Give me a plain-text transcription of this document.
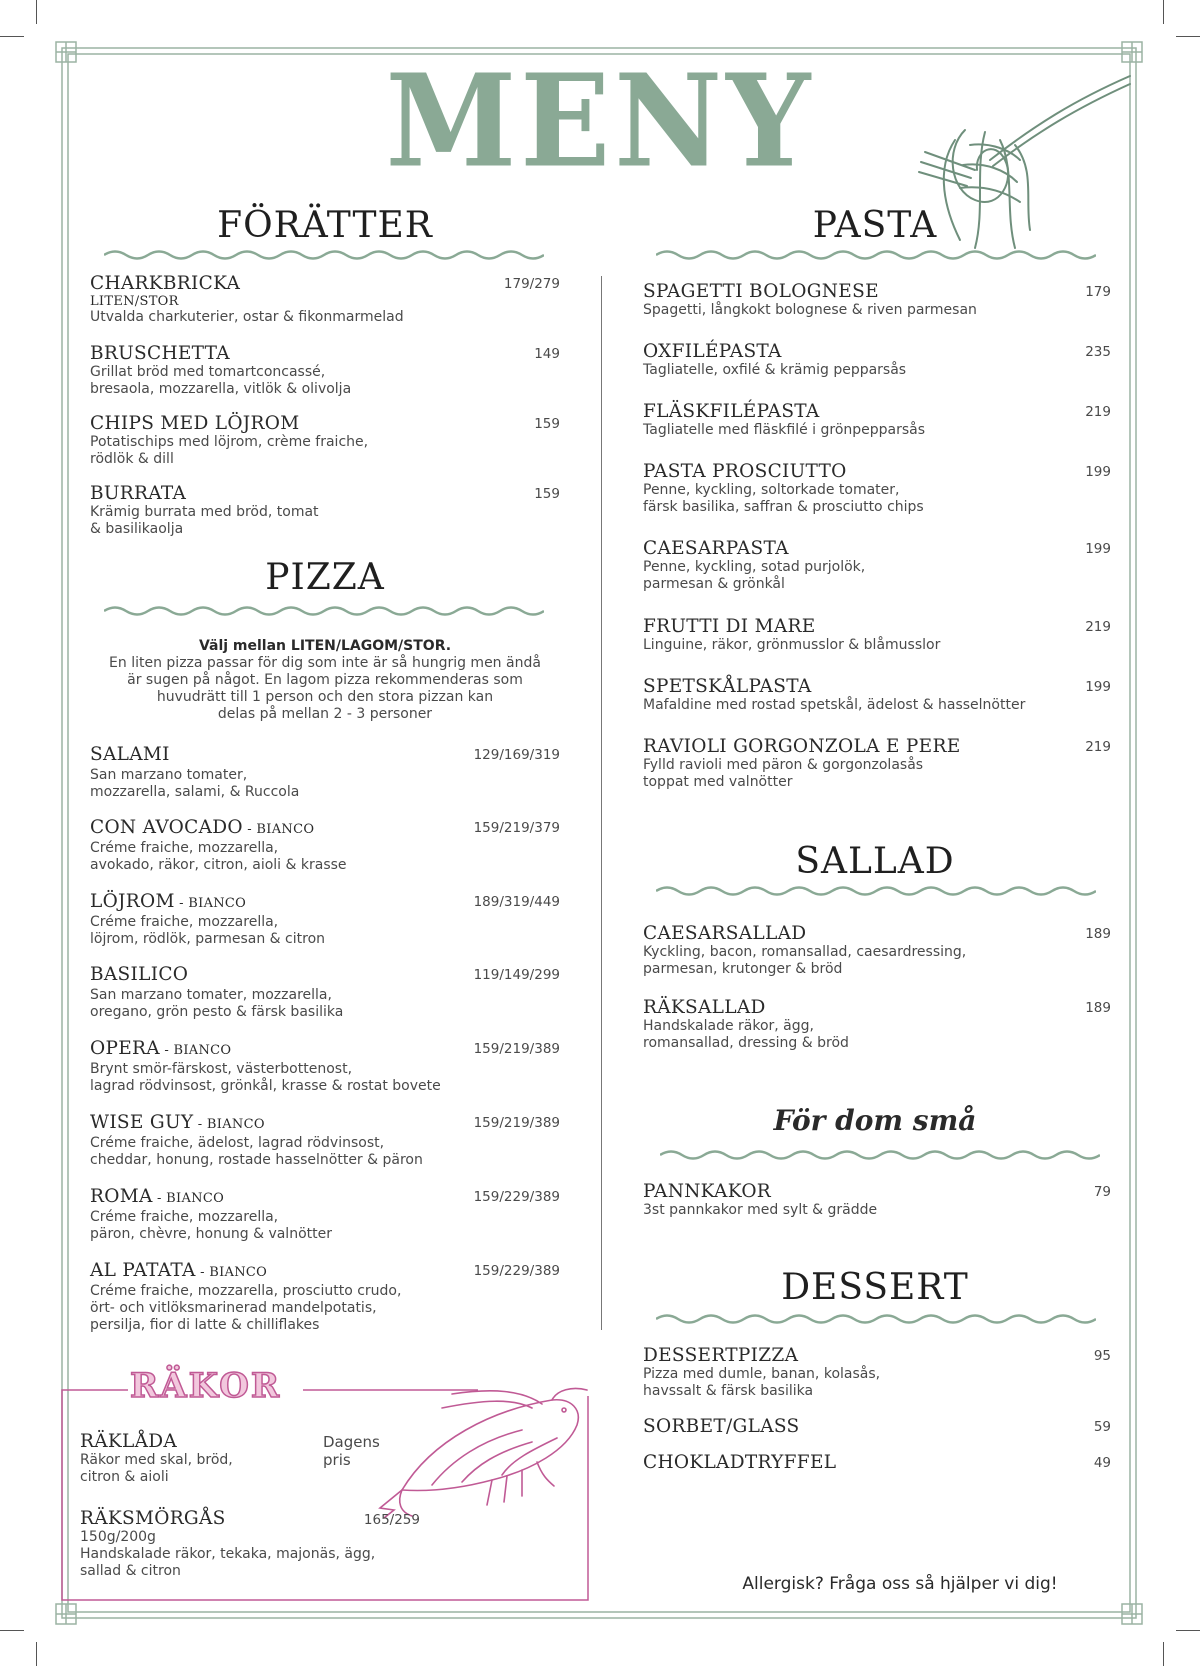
MENY
FÖRÄTTER
CHARKBRICKA
LITEN/STOR
Utvalda charkuterier, ostar & fikonmarmelad
179/279
BRUSCHETTA
Grillat bröd med tomartconcassé,
bresaola, mozzarella, vitlök & olivolja
149
CHIPS MED LÖJROM
Potatischips med löjrom, crème fraiche,
rödlök & dill
159
BURRATA
Krämig burrata med bröd, tomat
& basilikaolja
159
PIZZA
Välj mellan LITEN/LAGOM/STOR.
En liten pizza passar för dig som inte är så hungrig men ändå
är sugen på något. En lagom pizza rekommenderas som
huvudrätt till 1 person och den stora pizzan kan
delas på mellan 2 - 3 personer
SALAMI
San marzano tomater,
mozzarella, salami, & Ruccola
129/169/319
CON AVOCADO - BIANCO
Créme fraiche, mozzarella,
avokado, räkor, citron, aioli & krasse
159/219/379
LÖJROM - BIANCO
Créme fraiche, mozzarella,
löjrom, rödlök, parmesan & citron
189/319/449
BASILICO
San marzano tomater, mozzarella,
oregano, grön pesto & färsk basilika
119/149/299
OPERA - BIANCO
Brynt smör-färskost, västerbottenost,
lagrad rödvinsost, grönkål, krasse & rostat bovete
159/219/389
WISE GUY - BIANCO
Créme fraiche, ädelost, lagrad rödvinsost,
cheddar, honung, rostade hasselnötter & päron
159/219/389
ROMA - BIANCO
Créme fraiche, mozzarella,
päron, chèvre, honung & valnötter
159/229/389
AL PATATA - BIANCO
Créme fraiche, mozzarella, prosciutto crudo,
ört- och vitlöksmarinerad mandelpotatis,
persilja, fior di latte & chilliflakes
159/229/389
RÄKOR
RÄKLÅDA
Räkor med skal, bröd,
citron & aioli
Dagens pris
RÄKSMÖRGÅS
150g/200g
Handskalade räkor, tekaka, majonäs, ägg,
sallad & citron
165/259
PASTA
SPAGETTI BOLOGNESE
Spagetti, långkokt bolognese & riven parmesan
179
OXFILÉPASTA
Tagliatelle, oxfilé & krämig pepparsås
235
FLÄSKFILÉPASTA
Tagliatelle med fläskfilé i grönpepparsås
219
PASTA PROSCIUTTO
Penne, kyckling, soltorkade tomater,
färsk basilika, saffran & prosciutto chips
199
CAESARPASTA
Penne, kyckling, sotad purjolök,
parmesan & grönkål
199
FRUTTI DI MARE
Linguine, räkor, grönmusslor & blåmusslor
219
SPETSKÅLPASTA
Mafaldine med rostad spetskål, ädelost & hasselnötter
199
RAVIOLI GORGONZOLA E PERE
Fylld ravioli med päron & gorgonzolasås
toppat med valnötter
219
SALLAD
CAESARSALLAD
Kyckling, bacon, romansallad, caesardressing,
parmesan, krutonger & bröd
189
RÄKSALLAD
Handskalade räkor, ägg,
romansallad, dressing & bröd
189
För dom små
PANNKAKOR
3st pannkakor med sylt & grädde
79
DESSERT
DESSERTPIZZA
Pizza med dumle, banan, kolasås,
havssalt & färsk basilika
95
SORBET/GLASS	59
CHOKLADTRYFFEL	49
Allergisk? Fråga oss så hjälper vi dig!
